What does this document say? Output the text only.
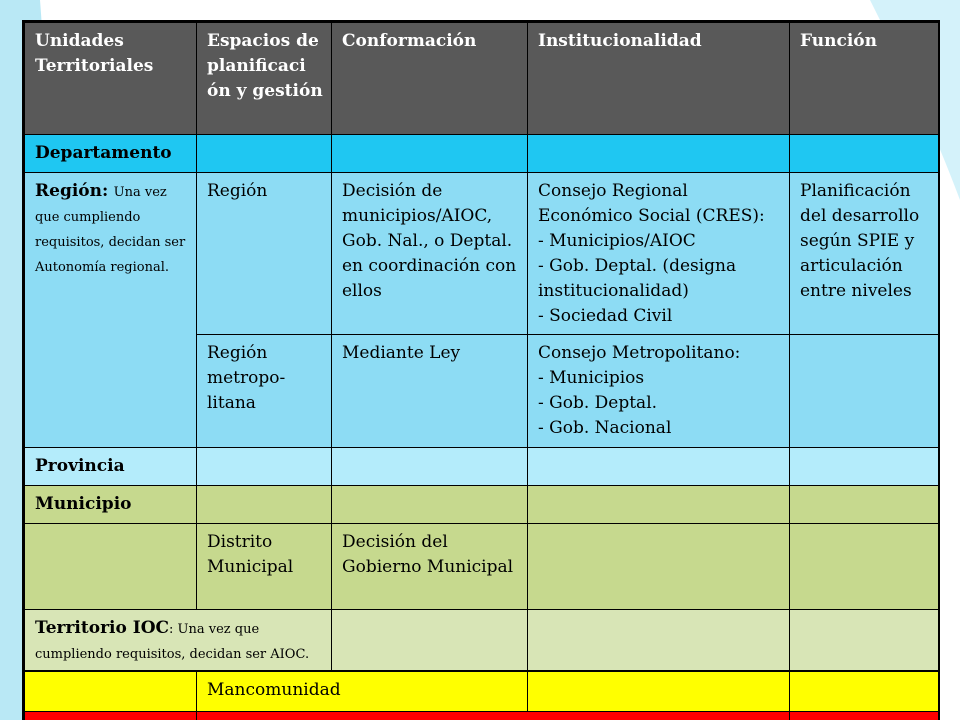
Unidades Territoriales	Espacios de planificaci ón y gestión	Conformación	Institucionalidad	Función
Departamento				
Región: Una vez que cumpliendo requisitos, decidan ser Autonomía regional.	Región	Decisión de municipios/AIOC, Gob. Nal., o Deptal. en coordinación con ellos	Consejo Regional Económico Social (CRES):
- Municipios/AIOC
- Gob. Deptal. (designa institucionalidad)
- Sociedad Civil	Planificación del desarrollo según SPIE y articulación entre niveles
	Región metropo-litana	Mediante Ley	Consejo Metropolitano:
- Municipios
- Gob. Deptal.
- Gob. Nacional	

Provincia				
Municipio				
	Distrito Municipal	Decisión del Gobierno Municipal		
Territorio IOC: Una vez que cumpliendo requisitos, decidan ser AIOC.				
	Mancomunidad			
